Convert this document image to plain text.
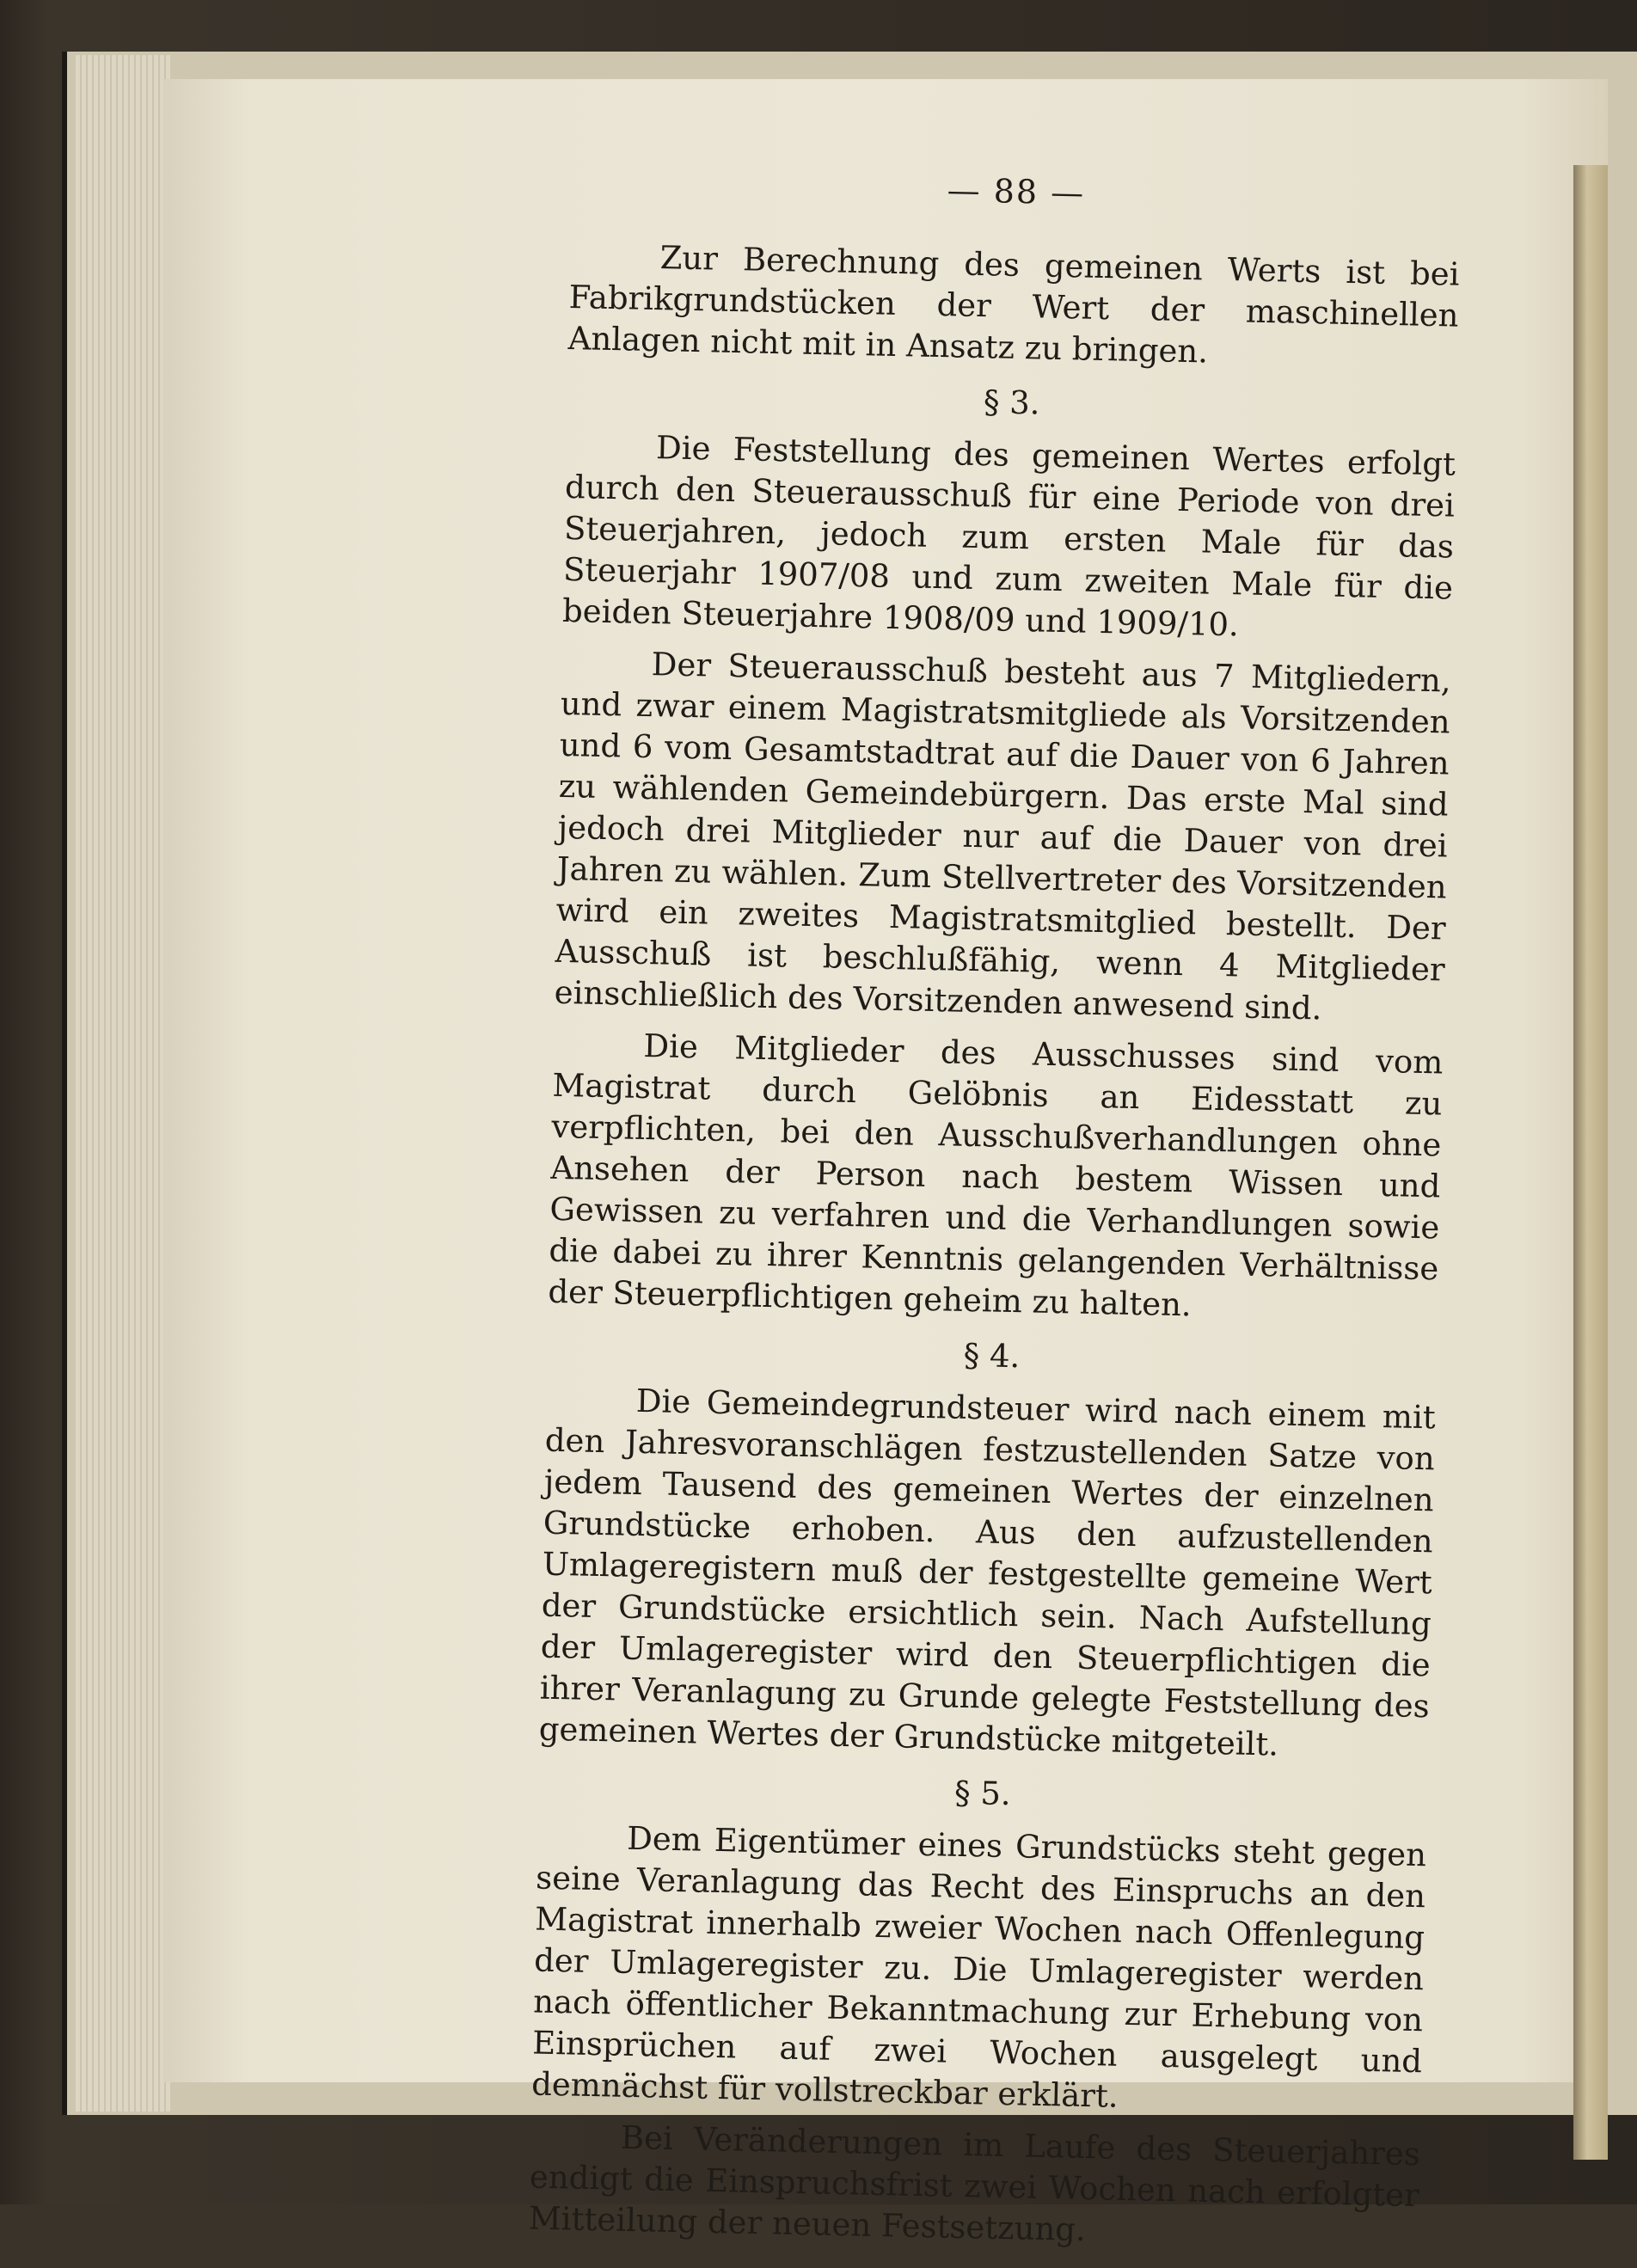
— 88 —

Zur Berechnung des gemeinen Werts ist bei Fabrikgrundstücken der Wert der maschinellen Anlagen nicht mit in Ansatz zu bringen.

§ 3.

Die Feststellung des gemeinen Wertes erfolgt durch den Steuerausschuß für eine Periode von drei Steuerjahren, jedoch zum ersten Male für das Steuerjahr 1907/08 und zum zweiten Male für die beiden Steuerjahre 1908/09 und 1909/10.

Der Steuerausschuß besteht aus 7 Mitgliedern, und zwar einem Magistratsmitgliede als Vorsitzenden und 6 vom Gesamtstadtrat auf die Dauer von 6 Jahren zu wählenden Gemeindebürgern. Das erste Mal sind jedoch drei Mitglieder nur auf die Dauer von drei Jahren zu wählen. Zum Stellvertreter des Vorsitzenden wird ein zweites Magistratsmitglied bestellt. Der Ausschuß ist beschlußfähig, wenn 4 Mitglieder einschließlich des Vorsitzenden anwesend sind.

Die Mitglieder des Ausschusses sind vom Magistrat durch Gelöbnis an Eidesstatt zu verpflichten, bei den Ausschußverhandlungen ohne Ansehen der Person nach bestem Wissen und Gewissen zu verfahren und die Verhandlungen sowie die dabei zu ihrer Kenntnis gelangenden Verhältnisse der Steuerpflichtigen geheim zu halten.

§ 4.

Die Gemeindegrundsteuer wird nach einem mit den Jahresvoranschlägen festzustellenden Satze von jedem Tausend des gemeinen Wertes der einzelnen Grundstücke erhoben. Aus den aufzustellenden Umlageregistern muß der festgestellte gemeine Wert der Grundstücke ersichtlich sein. Nach Aufstellung der Umlageregister wird den Steuerpflichtigen die ihrer Veranlagung zu Grunde gelegte Feststellung des gemeinen Wertes der Grundstücke mitgeteilt.

§ 5.

Dem Eigentümer eines Grundstücks steht gegen seine Veranlagung das Recht des Einspruchs an den Magistrat innerhalb zweier Wochen nach Offenlegung der Umlageregister zu. Die Umlageregister werden nach öffentlicher Bekanntmachung zur Erhebung von Einsprüchen auf zwei Wochen ausgelegt und demnächst für vollstreckbar erklärt.

Bei Veränderungen im Laufe des Steuerjahres endigt die Einspruchsfrist zwei Wochen nach erfolgter Mitteilung der neuen Festsetzung.
